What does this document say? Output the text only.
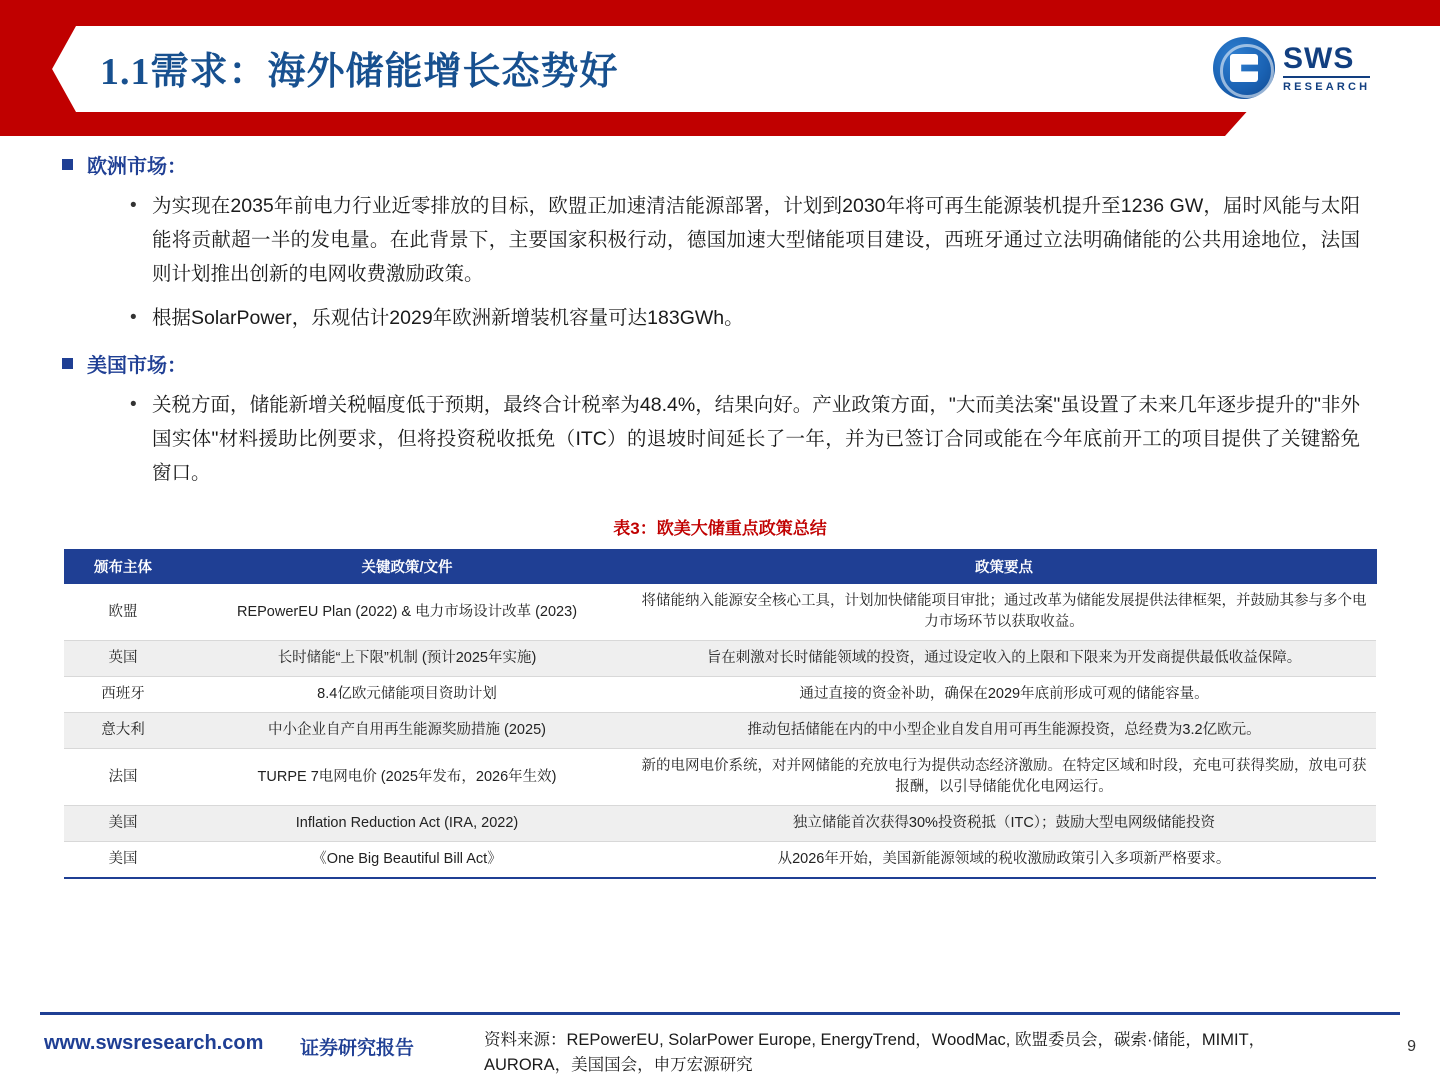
1.1需求：海外储能增长态势好	SWS
RESEARCH
欧洲市场：
• 为实现在2035年前电力行业近零排放的目标，欧盟正加速清洁能源部署，计划到2030年将可再生能源装机提升至1236 GW，届时风能与太阳能将贡献超一半的发电量。在此背景下，主要国家积极行动，德国加速大型储能项目建设，西班牙通过立法明确储能的公共用途地位，法国则计划推出创新的电网收费激励政策。
• 根据SolarPower，乐观估计2029年欧洲新增装机容量可达183GWh。
美国市场：
• 关税方面，储能新增关税幅度低于预期，最终合计税率为48.4%，结果向好。产业政策方面，"大而美法案"虽设置了未来几年逐步提升的"非外国实体"材料援助比例要求，但将投资税收抵免（ITC）的退坡时间延长了一年，并为已签订合同或能在今年底前开工的项目提供了关键豁免窗口。
表3：欧美大储重点政策总结
颁布主体	关键政策/文件	政策要点
欧盟	REPowerEU Plan (2022) & 电力市场设计改革 (2023)	将储能纳入能源安全核心工具，计划加快储能项目审批；通过改革为储能发展提供法律框架，并鼓励其参与多个电力市场环节以获取收益。
英国	长时储能“上下限”机制 (预计2025年实施)	旨在刺激对长时储能领域的投资，通过设定收入的上限和下限来为开发商提供最低收益保障。
西班牙	8.4亿欧元储能项目资助计划	通过直接的资金补助，确保在2029年底前形成可观的储能容量。
意大利	中小企业自产自用再生能源奖励措施 (2025)	推动包括储能在内的中小型企业自发自用可再生能源投资，总经费为3.2亿欧元。
法国	TURPE 7电网电价 (2025年发布，2026年生效)	新的电网电价系统，对并网储能的充放电行为提供动态经济激励。在特定区域和时段，充电可获得奖励，放电可获报酬，以引导储能优化电网运行。
美国	Inflation Reduction Act (IRA, 2022)	独立储能首次获得30%投资税抵（ITC）；鼓励大型电网级储能投资
美国	《One Big Beautiful Bill Act》	从2026年开始，美国新能源领域的税收激励政策引入多项新严格要求。
www.swsresearch.com 证券研究报告	资料来源：REPowerEU, SolarPower Europe, EnergyTrend，WoodMac, 欧盟委员会，碳索·储能，MIMIT，AURORA，美国国会，申万宏源研究
9
